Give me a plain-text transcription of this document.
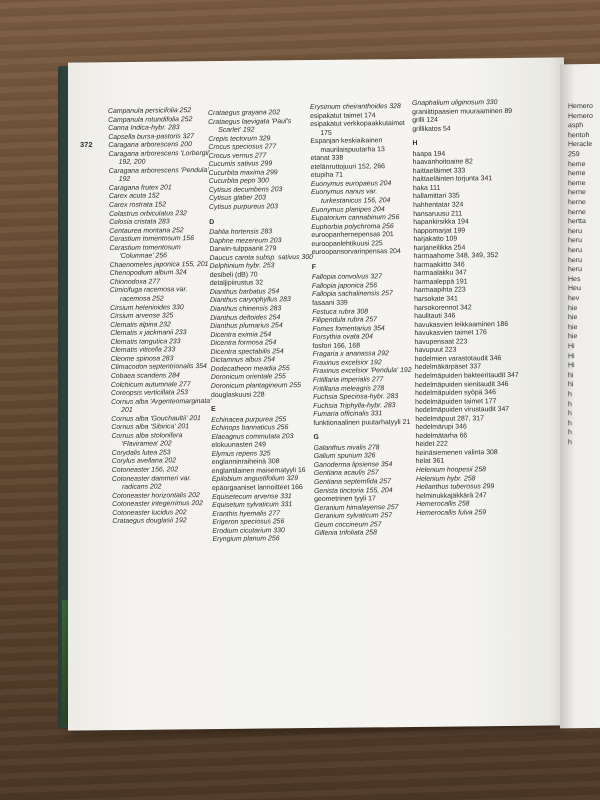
Hemero
Hemero
asph
hentoh
Heracle
259
heme
heme
heme
herne
herne
herne
hertta
heru
heru
heru
heru
heru
Hes
Heu
hev
hie
hie
hie
hie
Hi
Hi
Hi
hi
hi
h
h
h
h
h
h
372
Campanula persicifolia 252
Campanula rotundifolia 252
Canna Indica-hybr. 283
Capsella bursa-pastoris 327
Caragana arborescens 200
Caragana arborescens 'Lorbergii' 192, 200
Caragana arborescens 'Pendula' 192
Caragana frutex 201
Carex acuta 152
Carex rostrata 152
Celastrus orbiculatus 232
Celosia cristata 283
Centaurea montana 252
Cerastium tomentosum 156
Cerastium tomentosum 'Columnae' 256
Chaenomeles japonica 155, 201
Chenopodium album 324
Chionodoxa 277
Cimicifuga racemosa var. racemosa 252
Cirsium helenioides 330
Cirsium arvense 325
Clematis alpina 232
Clematis x jackmanii 233
Clematis tangutica 233
Clematis viticella 233
Cleome spinosa 283
Climacodon septentrionalis 354
Cobaea scandens 284
Colchicum autumnale 277
Coreopsis verticillata 253
Cornus alba 'Argenteomarginata' 201
Cornus alba 'Gouchaultii' 201
Cornus alba 'Sibirica' 201
Cornus alba stolonifera 'Flaviramea' 202
Corydalis lutea 253
Corylus avellana 202
Cotoneaster 156, 202
Cotoneaster dammeri var. radicans 202
Cotoneaster horizontalis 202
Cotoneaster integerrimus 202
Cotoneaster lucidus 202
Crataegus douglasii 192
Crataegus grayana 202
Crataegus laevigata 'Paul's Scarlet' 192
Crepis tectorum 329
Crocus speciosus 277
Crocus vernus 277
Cucumis sativus 299
Cucurbita maxima 299
Cucurbita pepo 300
Cytisus decumbens 203
Cytisus glaber 203
Cytisus purpureus 203
D
Dahlia hortensis 283
Daphne mezereum 203
Darwin-tulppaanit 279
Daucus carota subsp. sativus 300
Delphinium hybr. 253
desibeli (dB) 70
detaljipiirustus 32
Dianthus barbatus 254
Dianthus caryophyllus 283
Dianthus chinensis 283
Dianthus deltoides 254
Dianthus plumarius 254
Dicentra eximia 254
Dicentra formosa 254
Dicentra spectabilis 254
Dictamnus albus 254
Dodecatheon meadia 255
Doronicum orientale 255
Doronicum plantagineum 255
douglaskuusi 228
E
Echinacea purpurea 255
Echinops bannaticus 256
Elaeagnus commutata 203
elokuunasteri 249
Elymus repens 325
englanninraiheinä 308
englantilainen maisematyyli 16
Epilobium angustifolium 329
epäorgaaniset lannoitteet 166
Equisetecum arvense 331
Equisetum sylvaticum 331
Eranthis hyemalis 277
Erigeron speciosus 256
Erodium cicutarium 330
Eryngium planum 256
Erysimum cheiranthoides 328
esipakatut taimet 174
esipakatut verkkopaakkutaimet 175
Espanjan keskiaikainen maurilaispuutarha 13
etanat 338
etelänruttojuuri 152, 266
etupiha 71
Euonymus europaeus 204
Euonymus nanus var. turkestanicus 156, 204
Euonymus planipes 204
Eupatorium cannabinum 256
Euphorbia polychroma 256
euroopanhernepensas 201
euroopanlehtikuusi 225
euroopansorvarinpensas 204
F
Fallopia convolvus 327
Fallopia japonica 256
Fallopia sachalinensis 257
fasaani 339
Festuca rubra 308
Filipendula rubra 257
Fomes fomentarius 354
Forsythia ovata 204
fosfori 166, 168
Fragaria x ananassa 292
Fraxinus excelsior 192
Fraxinus excelsior 'Pendula' 192
Fritillaria imperialis 277
Fritillaria meleagris 278
Fuchsia Speciosa-hybr. 283
Fuchsia Triphylla-hybr. 283
Fumaria officinalis 331
funktionaalinen puutarhatyyli 21
G
Galanthus nivalis 278
Galium spurium 326
Ganoderma lipsiense 354
Gentiana acaulis 257
Gentiana septemfida 257
Genista tinctoria 155, 204
geometrinen tyyli 17
Geranium himalayense 257
Geranium sylvaticum 257
Geum coccineum 257
Gillenia trifoliata 258
Gnaphalium uliginosum 330
graniittipaasien muuraaminen 89
grilli 124
grillikatos 54
H
haapa 194
haavanhoitoaine 82
haittaeläimet 333
haittaeläinten torjunta 341
haka 111
hallamittari 335
hahhentatar 324
hansaruusu 211
hapankirsikka 194
happomarjat 199
harjakatto 109
harjaneilikka 254
harmaahome 348, 349, 352
harmaakiitto 346
harmaalakku 347
harmaaleppä 191
harmaapihta 223
harsokate 341
harsokorennot 342
haulitauti 346
havukasvien leikkaaminen 186
havukasvien taimet 176
havupensaat 223
havupuut 223
hedelmien varastotaudit 346
hedelmäkärpäset 337
hedelmäpuiden bakteeritaudit 347
hedelmäpuiden sienitaudit 346
hedelmäpuiden syöpä 346
hedelmäpuiden taimet 177
hedelmäpuiden virustaudit 347
hedelmäpuut 287, 317
hedelmärupi 346
hedelmätarha 66
heidet 222
heinäsiemenen valinta 308
helat 361
Helenium hoopesii 258
Helenium hybr. 258
Helianthus tuberosus 299
helminukkajäkkärä 247
Hemerocallis 258
Hemerocallis fulva 259
